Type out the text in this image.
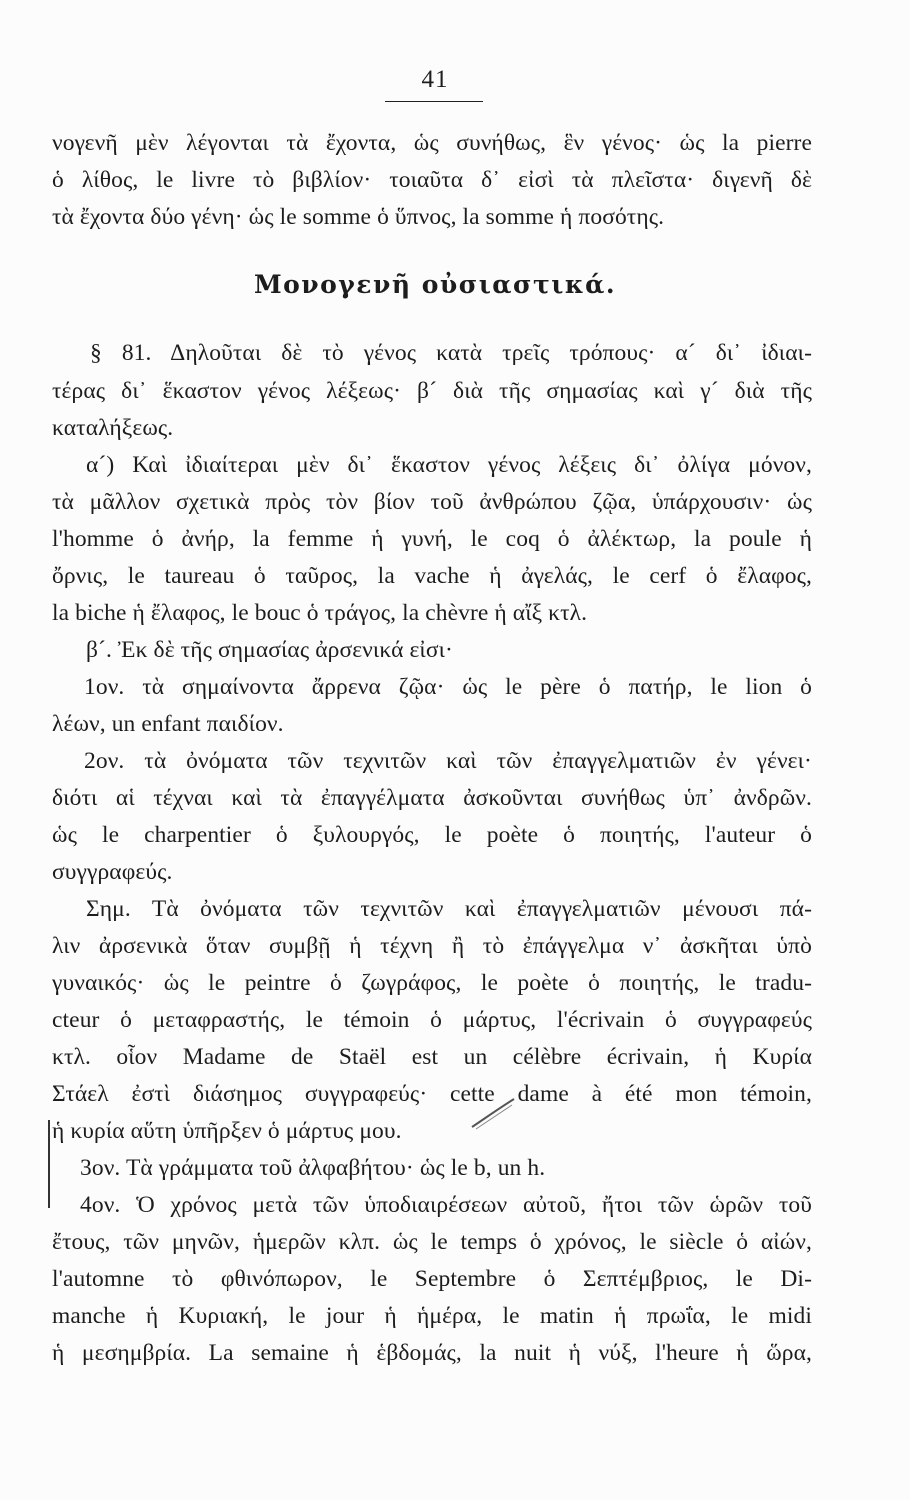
41
νογενῆ μὲν λέγονται τὰ ἔχοντα, ὡς συνήθως, ἓν γένος· ὡς la pierre
ὁ λίθος, le livre τὸ βιβλίον· τοιαῦτα δ᾽ εἰσὶ τὰ πλεῖστα· διγενῆ δὲ
τὰ ἔχοντα δύο γένη· ὡς le somme ὁ ὕπνος, la somme ἡ ποσότης.
Μονογενῆ οὐσιαστικά.
§ 81. Δηλοῦται δὲ τὸ γένος κατὰ τρεῖς τρόπους· α´ δι᾽ ἰδιαι-
τέρας δι᾽ ἕκαστον γένος λέξεως· β´ διὰ τῆς σημασίας καὶ γ´ διὰ τῆς
καταλήξεως.
α´) Καὶ ἰδιαίτεραι μὲν δι᾽ ἕκαστον γένος λέξεις δι᾽ ὀλίγα μόνον,
τὰ μᾶλλον σχετικὰ πρὸς τὸν βίον τοῦ ἀνθρώπου ζῷα, ὑπάρχουσιν· ὡς
l'homme ὁ ἀνήρ, la femme ἡ γυνή, le coq ὁ ἀλέκτωρ, la poule ἡ
ὄρνις, le taureau ὁ ταῦρος, la vache ἡ ἀγελάς, le cerf ὁ ἔλαφος,
la biche ἡ ἔλαφος, le bouc ὁ τράγος, la chèvre ἡ αἴξ κτλ.
β´. Ἐκ δὲ τῆς σημασίας ἀρσενικά εἰσι·
1ον. τὰ σημαίνοντα ἄρρενα ζῷα· ὡς le père ὁ πατήρ, le lion ὁ
λέων, un enfant παιδίον.
2ον. τὰ ὀνόματα τῶν τεχνιτῶν καὶ τῶν ἐπαγγελματιῶν ἐν γένει·
διότι αἱ τέχναι καὶ τὰ ἐπαγγέλματα ἀσκοῦνται συνήθως ὑπ᾽ ἀνδρῶν.
ὡς le charpentier ὁ ξυλουργός, le poète ὁ ποιητής, l'auteur ὁ
συγγραφεύς.
Σημ. Τὰ ὀνόματα τῶν τεχνιτῶν καὶ ἐπαγγελματιῶν μένουσι πά-
λιν ἀρσενικὰ ὅταν συμβῇ ἡ τέχνη ἢ τὸ ἐπάγγελμα ν᾽ ἀσκῆται ὑπὸ
γυναικός· ὡς le peintre ὁ ζωγράφος, le poète ὁ ποιητής, le tradu-
cteur ὁ μεταφραστής, le témoin ὁ μάρτυς, l'écrivain ὁ συγγραφεύς
κτλ. οἷον Madame de Staël est un célèbre écrivain, ἡ Κυρία
Στάελ ἐστὶ διάσημος συγγραφεύς· cette dame à été mon témoin,
ἡ κυρία αὕτη ὑπῆρξεν ὁ μάρτυς μου.
3ον. Τὰ γράμματα τοῦ ἀλφαβήτου· ὡς le b, un h.
4ον. Ὁ χρόνος μετὰ τῶν ὑποδιαιρέσεων αὐτοῦ, ἤτοι τῶν ὡρῶν τοῦ
ἔτους, τῶν μηνῶν, ἡμερῶν κλπ. ὡς le temps ὁ χρόνος, le siècle ὁ αἰών,
l'automne τὸ φθινόπωρον, le Septembre ὁ Σεπτέμβριος, le Di-
manche ἡ Κυριακή, le jour ἡ ἡμέρα, le matin ἡ πρωΐα, le midi
ἡ μεσημβρία. La semaine ἡ ἑβδομάς, la nuit ἡ νύξ, l'heure ἡ ὥρα,
